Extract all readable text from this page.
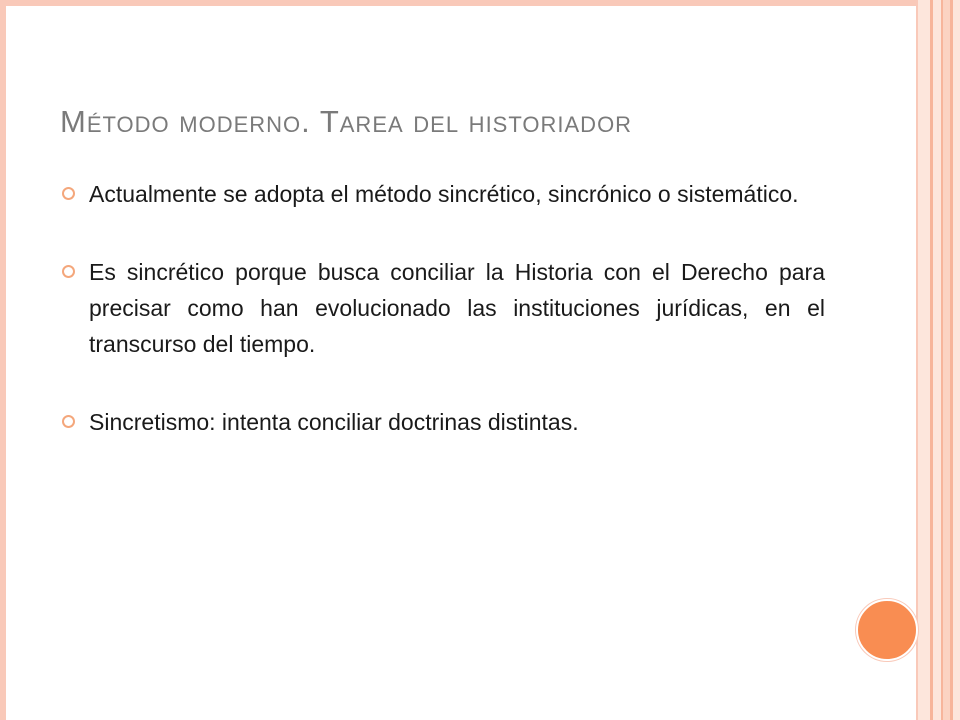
Método moderno. Tarea del historiador
Actualmente se adopta el método sincrético, sincrónico o sistemático.
Es sincrético porque busca conciliar la Historia con el Derecho para precisar como han evolucionado las instituciones jurídicas, en el transcurso del tiempo.
Sincretismo: intenta conciliar doctrinas distintas.
